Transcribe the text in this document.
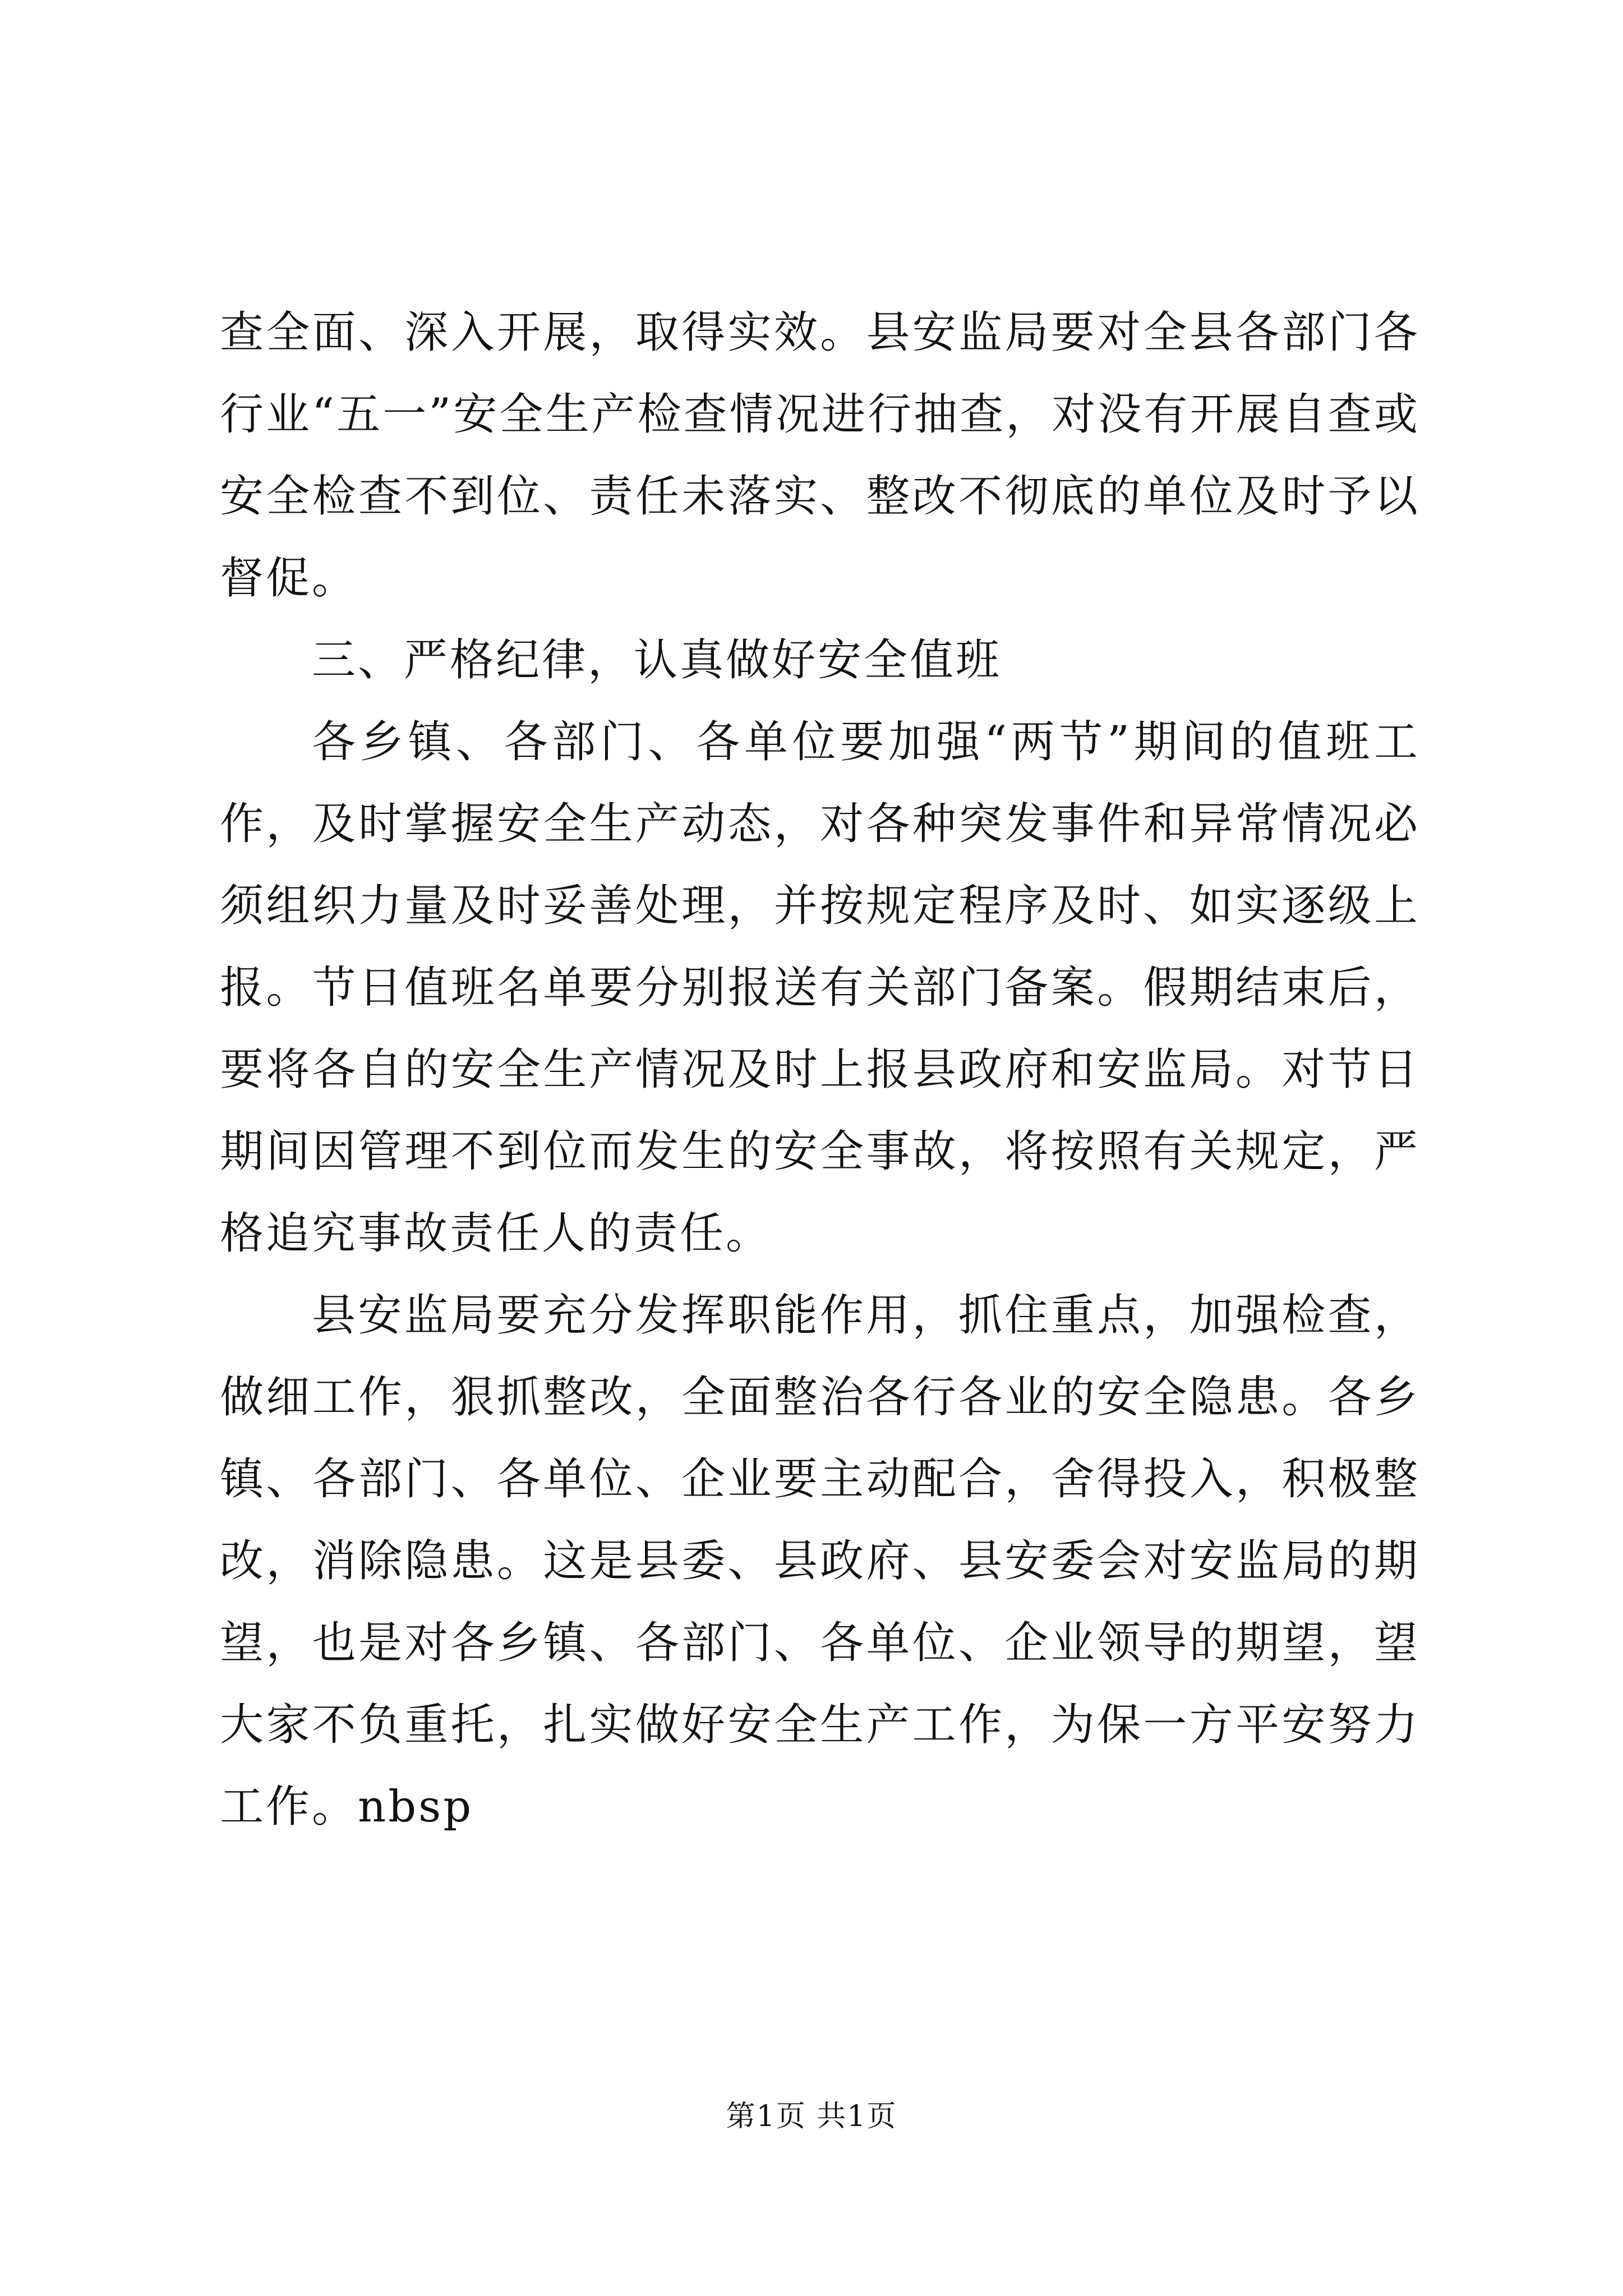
查全面、深入开展，取得实效。县安监局要对全县各部门各行业“五一”安全生产检查情况进行抽查，对没有开展自查或安全检查不到位、责任未落实、整改不彻底的单位及时予以督促。

三、严格纪律，认真做好安全值班

各乡镇、各部门、各单位要加强“两节”期间的值班工作，及时掌握安全生产动态，对各种突发事件和异常情况必须组织力量及时妥善处理，并按规定程序及时、如实逐级上报。节日值班名单要分别报送有关部门备案。假期结束后，要将各自的安全生产情况及时上报县政府和安监局。对节日期间因管理不到位而发生的安全事故，将按照有关规定，严格追究事故责任人的责任。

县安监局要充分发挥职能作用，抓住重点，加强检查，做细工作，狠抓整改，全面整治各行各业的安全隐患。各乡镇、各部门、各单位、企业要主动配合，舍得投入，积极整改，消除隐患。这是县委、县政府、县安委会对安监局的期望，也是对各乡镇、各部门、各单位、企业领导的期望，望大家不负重托，扎实做好安全生产工作，为保一方平安努力工作。nbsp

第1页 共1页
